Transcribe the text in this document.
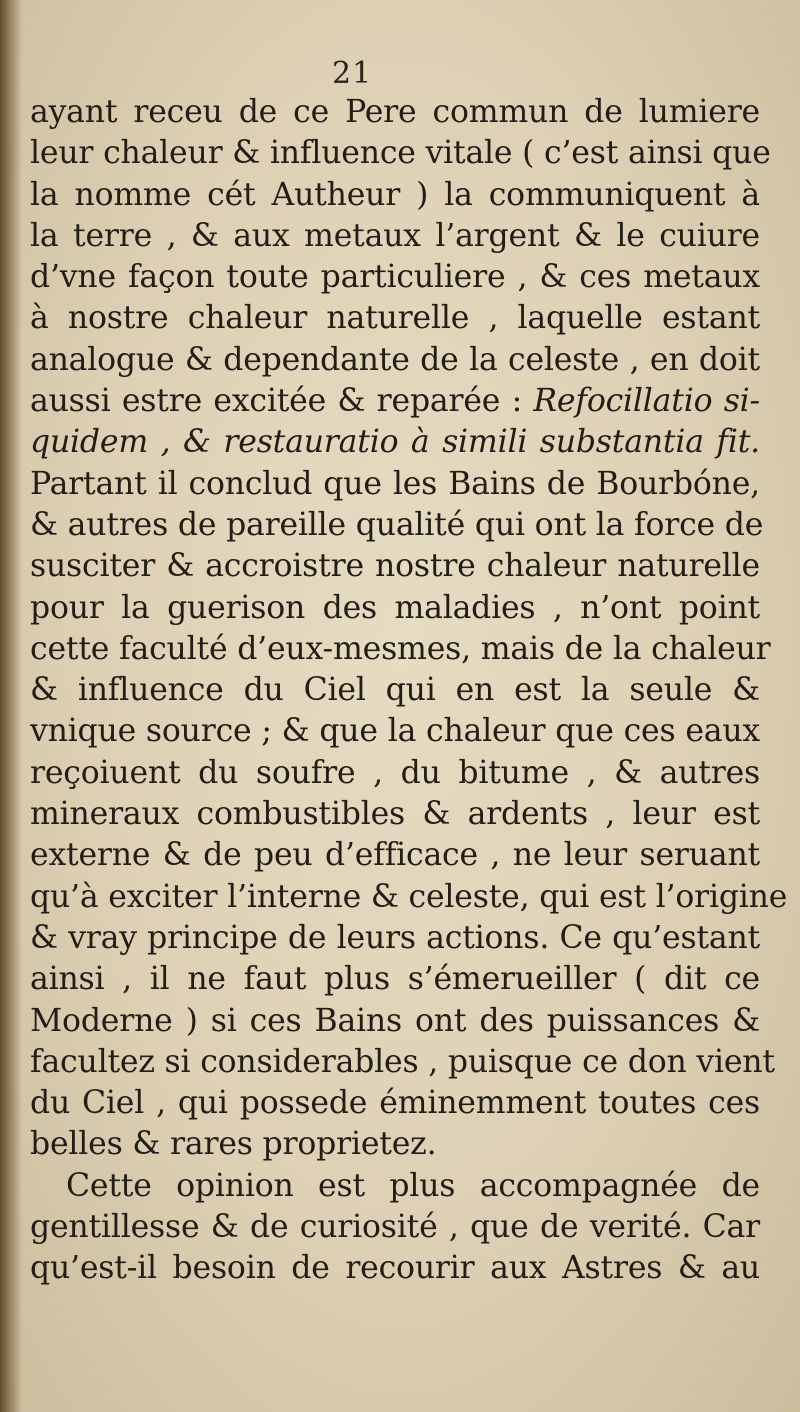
21
ayant receu de ce Pere commun de lumiere
leur chaleur & influence vitale ( c’est ainsi que
la nomme cét Autheur ) la communiquent à
la terre , & aux metaux l’argent & le cuiure
d’vne façon toute particuliere , & ces metaux
à nostre chaleur naturelle , laquelle estant
analogue & dependante de la celeste , en doit
aussi estre excitée & reparée : Refocillatio si-
quidem , & restauratio à simili substantia fit.
Partant il conclud que les Bains de Bourbóne,
& autres de pareille qualité qui ont la force de
susciter & accroistre nostre chaleur naturelle
pour la guerison des maladies , n’ont point
cette faculté d’eux-mesmes, mais de la chaleur
& influence du Ciel qui en est la seule &
vnique source ; & que la chaleur que ces eaux
reçoiuent du soufre , du bitume , & autres
mineraux combustibles & ardents , leur est
externe & de peu d’efficace , ne leur seruant
qu’à exciter l’interne & celeste, qui est l’origine
& vray principe de leurs actions. Ce qu’estant
ainsi , il ne faut plus s’émerueiller ( dit ce
Moderne ) si ces Bains ont des puissances &
facultez si considerables , puisque ce don vient
du Ciel , qui possede éminemment toutes ces
belles & rares proprietez.
Cette opinion est plus accompagnée de
gentillesse & de curiosité , que de verité. Car
qu’est-il besoin de recourir aux Astres & au
